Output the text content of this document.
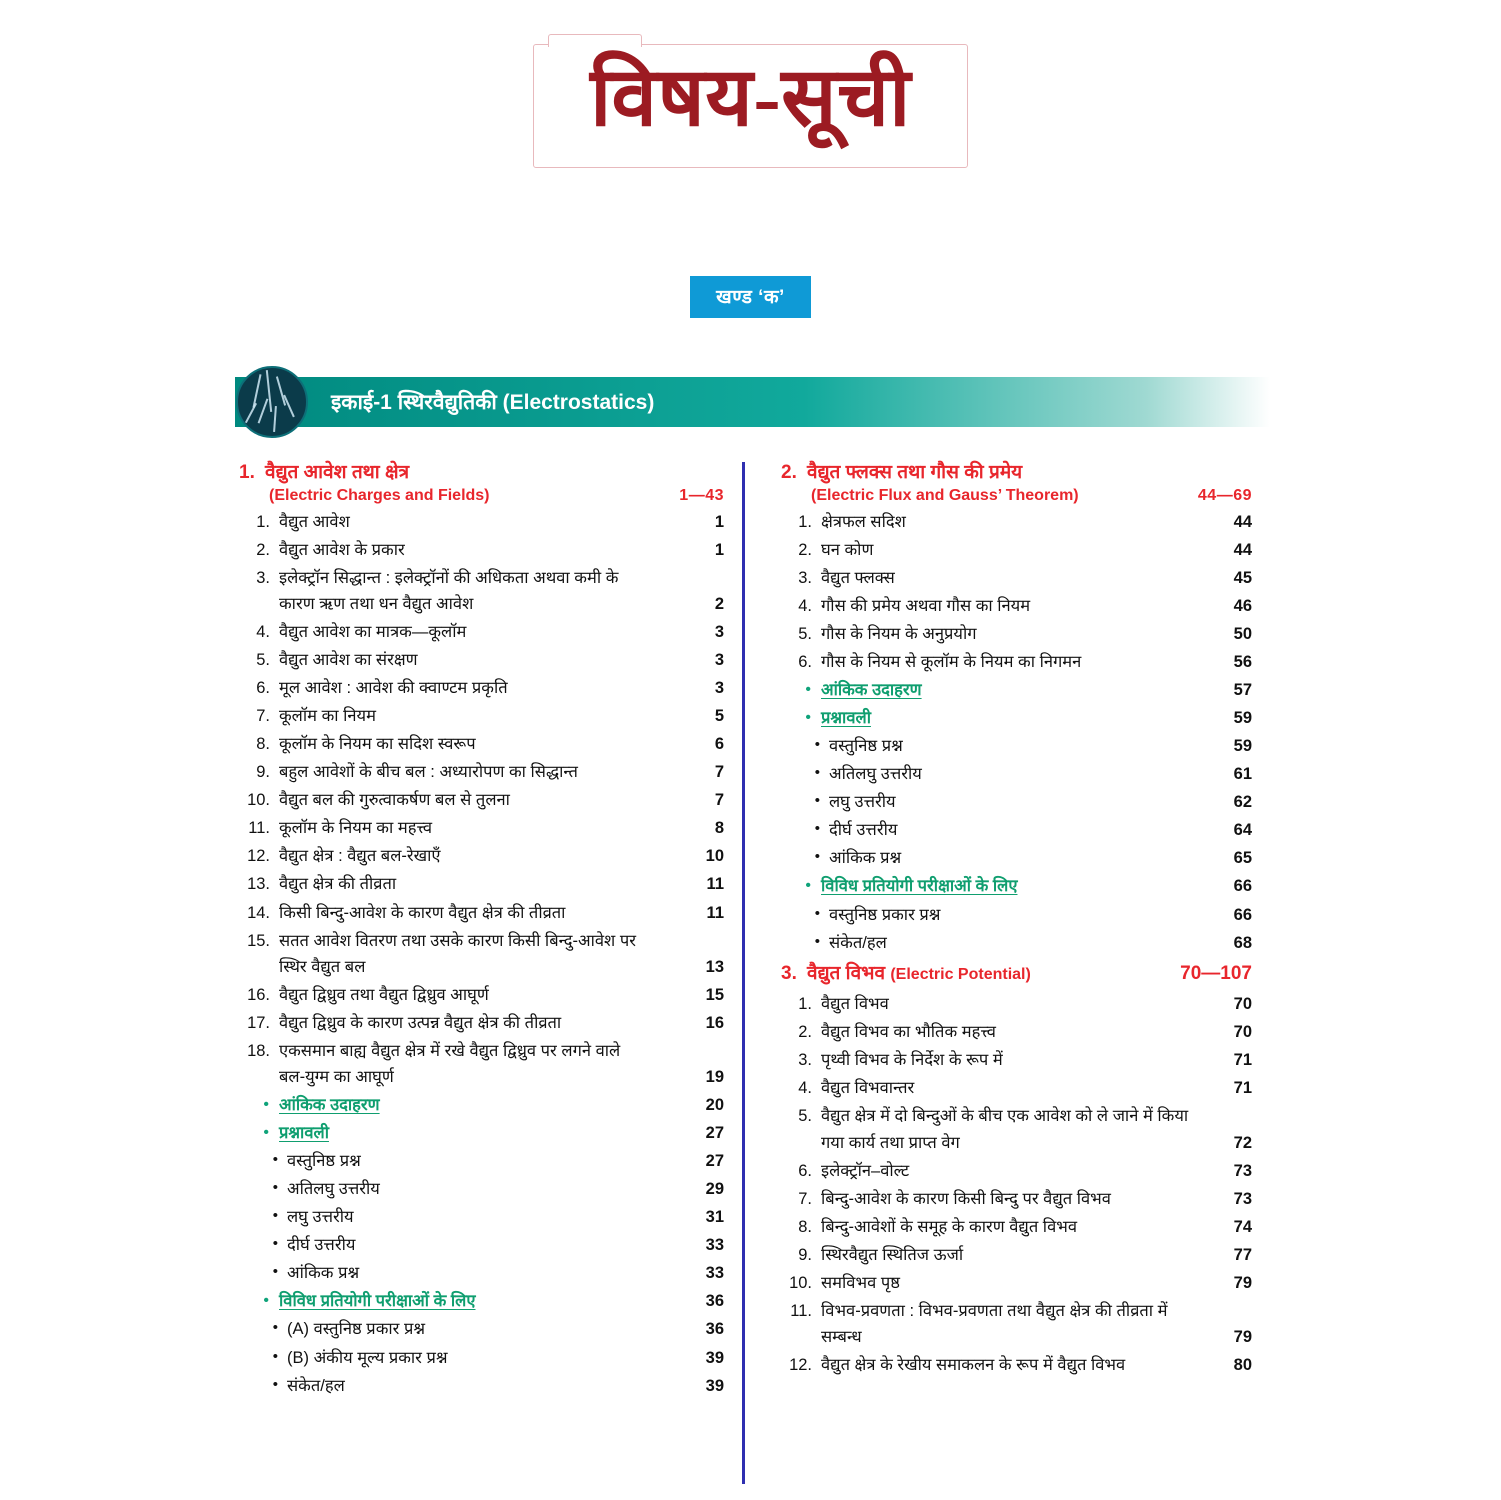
विषय-सूची
खण्ड ‘क’
इकाई-1 स्थिरवैद्युतिकी (Electrostatics)
1. वैद्युत आवेश तथा क्षेत्र
(Electric Charges and Fields)	1—43
1. वैद्युत आवेश	1
2. वैद्युत आवेश के प्रकार	1
3. इलेक्ट्रॉन सिद्धान्त : इलेक्ट्रॉनों की अधिकता अथवा कमी के
कारण ऋण तथा धन वैद्युत आवेश	2
4. वैद्युत आवेश का मात्रक—कूलॉम	3
5. वैद्युत आवेश का संरक्षण	3
6. मूल आवेश : आवेश की क्वाण्टम प्रकृति	3
7. कूलॉम का नियम	5
8. कूलॉम के नियम का सदिश स्वरूप	6
9. बहुल आवेशों के बीच बल : अध्यारोपण का सिद्धान्त	7
10. वैद्युत बल की गुरुत्वाकर्षण बल से तुलना	7
11. कूलॉम के नियम का महत्त्व	8
12. वैद्युत क्षेत्र : वैद्युत बल-रेखाएँ	10
13. वैद्युत क्षेत्र की तीव्रता	11
14. किसी बिन्दु-आवेश के कारण वैद्युत क्षेत्र की तीव्रता	11
15. सतत आवेश वितरण तथा उसके कारण किसी बिन्दु-आवेश पर
स्थिर वैद्युत बल	13
16. वैद्युत द्विध्रुव तथा वैद्युत द्विध्रुव आघूर्ण	15
17. वैद्युत द्विध्रुव के कारण उत्पन्न वैद्युत क्षेत्र की तीव्रता	16
18. एकसमान बाह्य वैद्युत क्षेत्र में रखे वैद्युत द्विध्रुव पर लगने वाले
बल-युग्म का आघूर्ण	19
• आंकिक उदाहरण	20
• प्रश्नावली	27
• वस्तुनिष्ठ प्रश्न	27
• अतिलघु उत्तरीय	29
• लघु उत्तरीय	31
• दीर्घ उत्तरीय	33
• आंकिक प्रश्न	33
• विविध प्रतियोगी परीक्षाओं के लिए	36
• (A) वस्तुनिष्ठ प्रकार प्रश्न	36
• (B) अंकीय मूल्य प्रकार प्रश्न	39
• संकेत/हल	39
2. वैद्युत फ्लक्स तथा गौस की प्रमेय
(Electric Flux and Gauss’ Theorem)	44—69
1. क्षेत्रफल सदिश	44
2. घन कोण	44
3. वैद्युत फ्लक्स	45
4. गौस की प्रमेय अथवा गौस का नियम	46
5. गौस के नियम के अनुप्रयोग	50
6. गौस के नियम से कूलॉम के नियम का निगमन	56
• आंकिक उदाहरण	57
• प्रश्नावली	59
• वस्तुनिष्ठ प्रश्न	59
• अतिलघु उत्तरीय	61
• लघु उत्तरीय	62
• दीर्घ उत्तरीय	64
• आंकिक प्रश्न	65
• विविध प्रतियोगी परीक्षाओं के लिए	66
• वस्तुनिष्ठ प्रकार प्रश्न	66
• संकेत/हल	68
3. वैद्युत विभव (Electric Potential)	70—107
1. वैद्युत विभव	70
2. वैद्युत विभव का भौतिक महत्त्व	70
3. पृथ्वी विभव के निर्देश के रूप में	71
4. वैद्युत विभवान्तर	71
5. वैद्युत क्षेत्र में दो बिन्दुओं के बीच एक आवेश को ले जाने में किया
गया कार्य तथा प्राप्त वेग	72
6. इलेक्ट्रॉन–वोल्ट	73
7. बिन्दु-आवेश के कारण किसी बिन्दु पर वैद्युत विभव	73
8. बिन्दु-आवेशों के समूह के कारण वैद्युत विभव	74
9. स्थिरवैद्युत स्थितिज ऊर्जा	77
10. समविभव पृष्ठ	79
11. विभव-प्रवणता : विभव-प्रवणता तथा वैद्युत क्षेत्र की तीव्रता में
सम्बन्ध	79
12. वैद्युत क्षेत्र के रेखीय समाकलन के रूप में वैद्युत विभव	80
